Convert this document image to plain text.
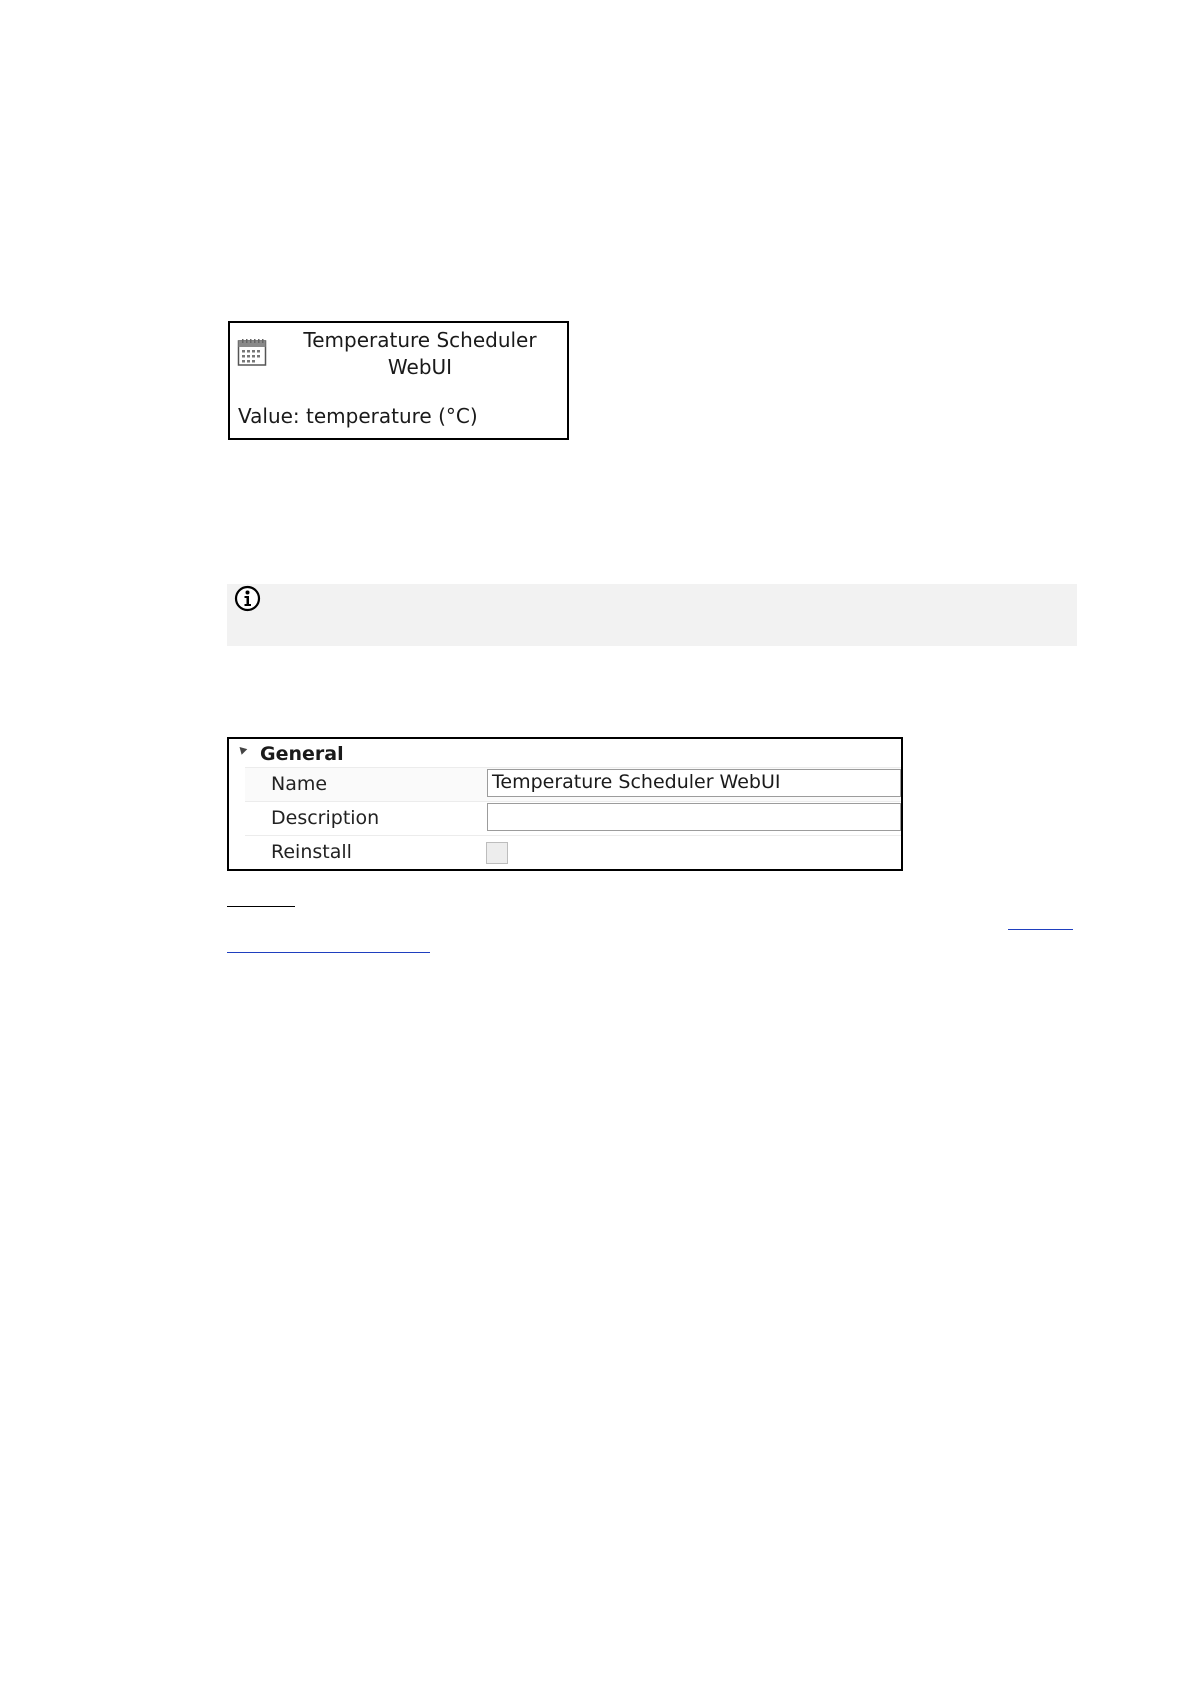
Temperature Scheduler
WebUI
Value: temperature (°C)
General
Name	Temperature Scheduler WebUI
Description
Reinstall
